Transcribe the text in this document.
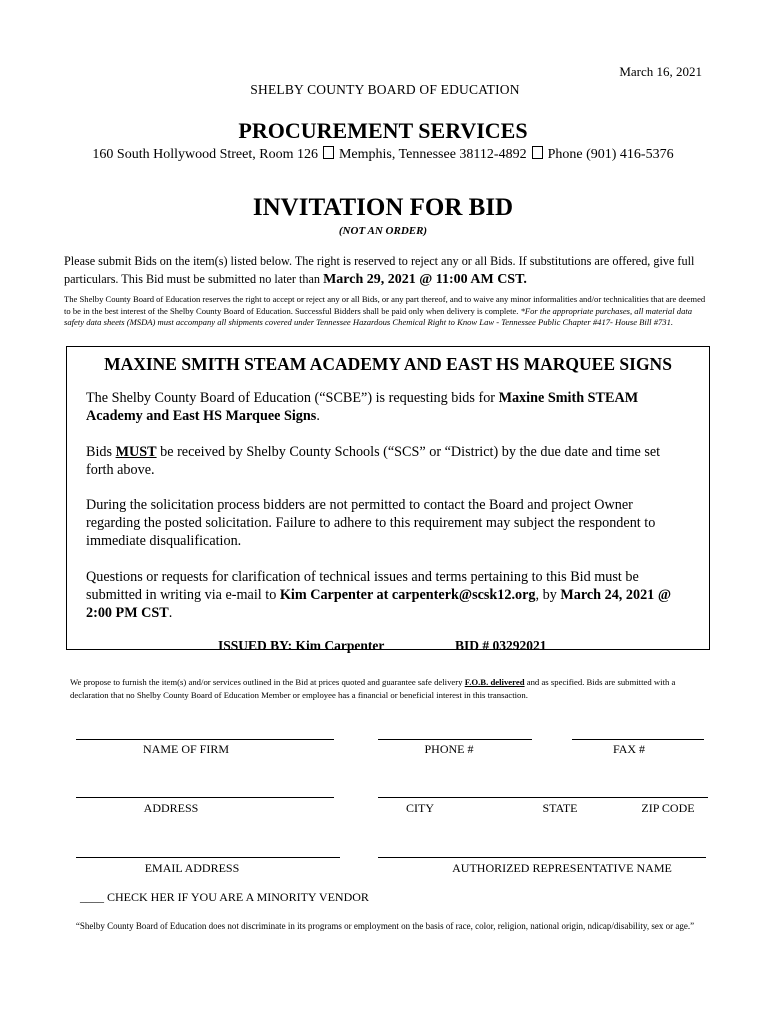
March 16, 2021
SHELBY COUNTY BOARD OF EDUCATION
PROCUREMENT SERVICES
160 South Hollywood Street, Room 126 Memphis, Tennessee 38112-4892 Phone (901) 416-5376
INVITATION FOR BID
(NOT AN ORDER)
Please submit Bids on the item(s) listed below. The right is reserved to reject any or all Bids. If substitutions are offered, give full particulars. This Bid must be submitted no later than March 29, 2021 @ 11:00 AM CST.
The Shelby County Board of Education reserves the right to accept or reject any or all Bids, or any part thereof, and to waive any minor informalities and/or technicalities that are deemed to be in the best interest of the Shelby County Board of Education. Successful Bidders shall be paid only when delivery is complete. *For the appropriate purchases, all material data safety data sheets (MSDA) must accompany all shipments covered under Tennessee Hazardous Chemical Right to Know Law - Tennessee Public Chapter #417- House Bill #731.
MAXINE SMITH STEAM ACADEMY AND EAST HS MARQUEE SIGNS
The Shelby County Board of Education (“SCBE”) is requesting bids for Maxine Smith STEAM Academy and East HS Marquee Signs.
Bids MUST be received by Shelby County Schools (“SCS” or “District) by the due date and time set forth above.
During the solicitation process bidders are not permitted to contact the Board and project Owner regarding the posted solicitation. Failure to adhere to this requirement may subject the respondent to immediate disqualification.
Questions or requests for clarification of technical issues and terms pertaining to this Bid must be submitted in writing via e-mail to Kim Carpenter at carpenterk@scsk12.org, by March 24, 2021 @ 2:00 PM CST.
ISSUED BY: Kim Carpenter	BID # 03292021
We propose to furnish the item(s) and/or services outlined in the Bid at prices quoted and guarantee safe delivery F.O.B. delivered and as specified. Bids are submitted with a declaration that no Shelby County Board of Education Member or employee has a financial or beneficial interest in this transaction.
NAME OF FIRM	PHONE #	FAX #
ADDRESS	CITY	STATE	ZIP CODE
EMAIL ADDRESS	AUTHORIZED REPRESENTATIVE NAME
____ CHECK HER IF YOU ARE A MINORITY VENDOR
“Shelby County Board of Education does not discriminate in its programs or employment on the basis of race, color, religion, national origin, ndicap/disability, sex or age.”
